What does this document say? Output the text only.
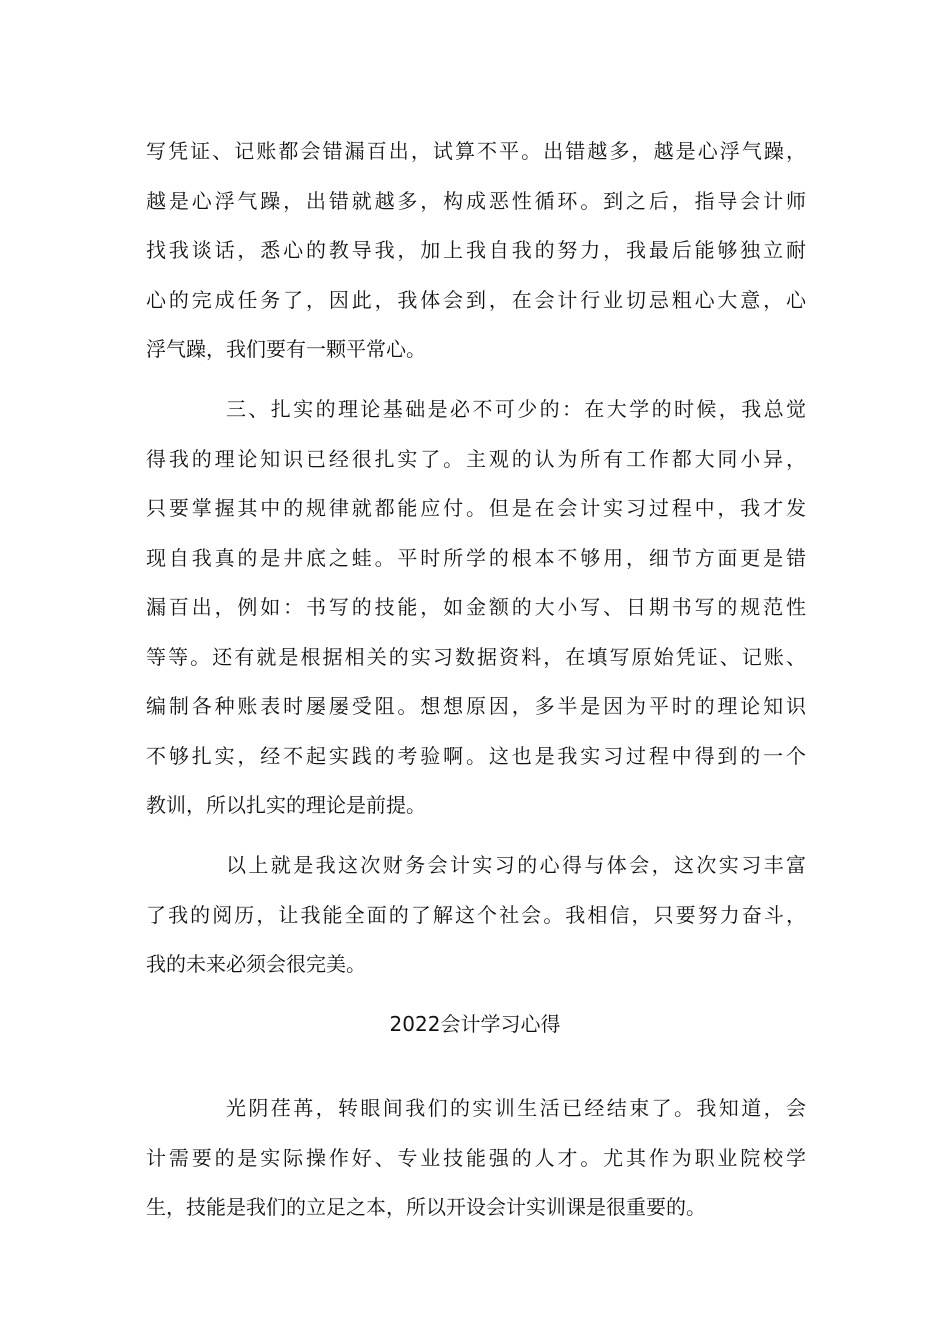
写凭证、记账都会错漏百出，试算不平。出错越多，越是心浮气躁，
越是心浮气躁，出错就越多，构成恶性循环。到之后，指导会计师
找我谈话，悉心的教导我，加上我自我的努力，我最后能够独立耐
心的完成任务了，因此，我体会到，在会计行业切忌粗心大意，心
浮气躁，我们要有一颗平常心。
三、扎实的理论基础是必不可少的：在大学的时候，我总觉
得我的理论知识已经很扎实了。主观的认为所有工作都大同小异，
只要掌握其中的规律就都能应付。但是在会计实习过程中，我才发
现自我真的是井底之蛙。平时所学的根本不够用，细节方面更是错
漏百出，例如：书写的技能，如金额的大小写、日期书写的规范性
等等。还有就是根据相关的实习数据资料，在填写原始凭证、记账、
编制各种账表时屡屡受阻。想想原因，多半是因为平时的理论知识
不够扎实，经不起实践的考验啊。这也是我实习过程中得到的一个
教训，所以扎实的理论是前提。
以上就是我这次财务会计实习的心得与体会，这次实习丰富
了我的阅历，让我能全面的了解这个社会。我相信，只要努力奋斗，
我的未来必须会很完美。
2022会计学习心得
光阴荏苒，转眼间我们的实训生活已经结束了。我知道，会
计需要的是实际操作好、专业技能强的人才。尤其作为职业院校学
生，技能是我们的立足之本，所以开设会计实训课是很重要的。
